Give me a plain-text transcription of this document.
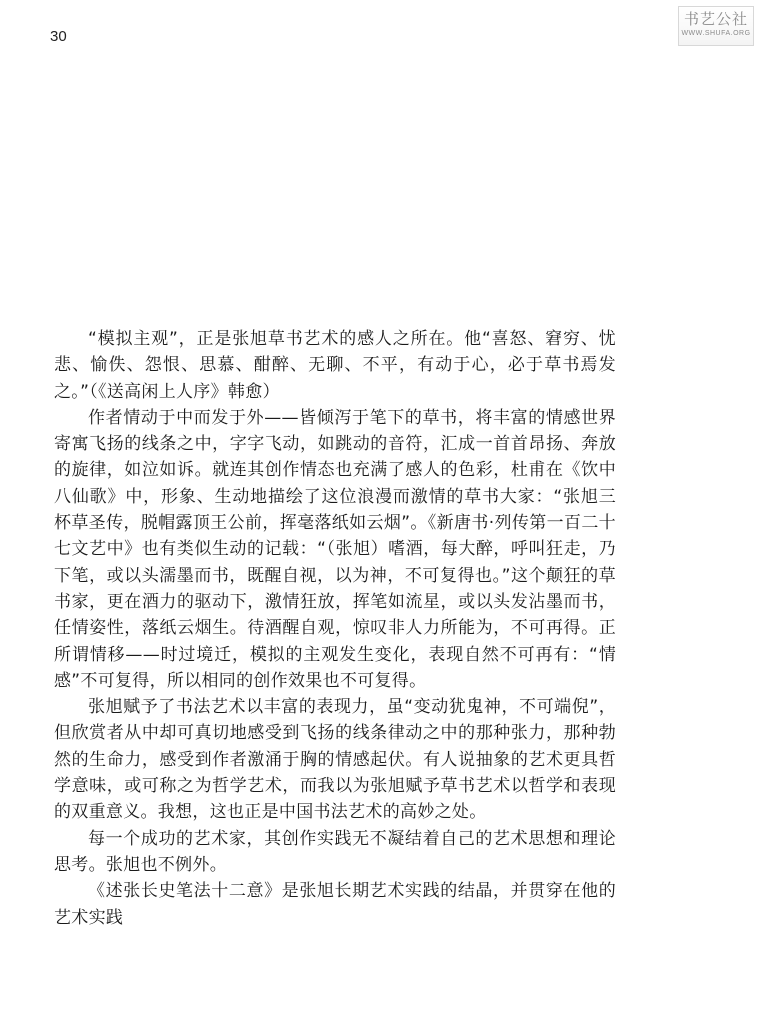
30
书艺公社
WWW.SHUFA.ORG

“模拟主观”，正是张旭草书艺术的感人之所在。他“喜怒、窘穷、忧悲、愉佚、怨恨、思慕、酣醉、无聊、不平，有动于心，必于草书焉发之。”（《送高闲上人序》韩愈）

作者情动于中而发于外——皆倾泻于笔下的草书，将丰富的情感世界寄寓飞扬的线条之中，字字飞动，如跳动的音符，汇成一首首昂扬、奔放的旋律，如泣如诉。就连其创作情态也充满了感人的色彩，杜甫在《饮中八仙歌》中，形象、生动地描绘了这位浪漫而激情的草书大家：“张旭三杯草圣传，脱帽露顶王公前，挥毫落纸如云烟”。《新唐书·列传第一百二十七文艺中》也有类似生动的记载：“（张旭）嗜酒，每大醉，呼叫狂走，乃下笔，或以头濡墨而书，既醒自视，以为神，不可复得也。”这个颠狂的草书家，更在酒力的驱动下，激情狂放，挥笔如流星，或以头发沾墨而书，任情姿性，落纸云烟生。待酒醒自观，惊叹非人力所能为，不可再得。正所谓情移——时过境迁，模拟的主观发生变化，表现自然不可再有：“情感”不可复得，所以相同的创作效果也不可复得。

张旭赋予了书法艺术以丰富的表现力，虽“变动犹鬼神，不可端倪”，但欣赏者从中却可真切地感受到飞扬的线条律动之中的那种张力，那种勃然的生命力，感受到作者激涌于胸的情感起伏。有人说抽象的艺术更具哲学意味，或可称之为哲学艺术，而我以为张旭赋予草书艺术以哲学和表现的双重意义。我想，这也正是中国书法艺术的高妙之处。

每一个成功的艺术家，其创作实践无不凝结着自己的艺术思想和理论思考。张旭也不例外。

《述张长史笔法十二意》是张旭长期艺术实践的结晶，并贯穿在他的艺术实践
